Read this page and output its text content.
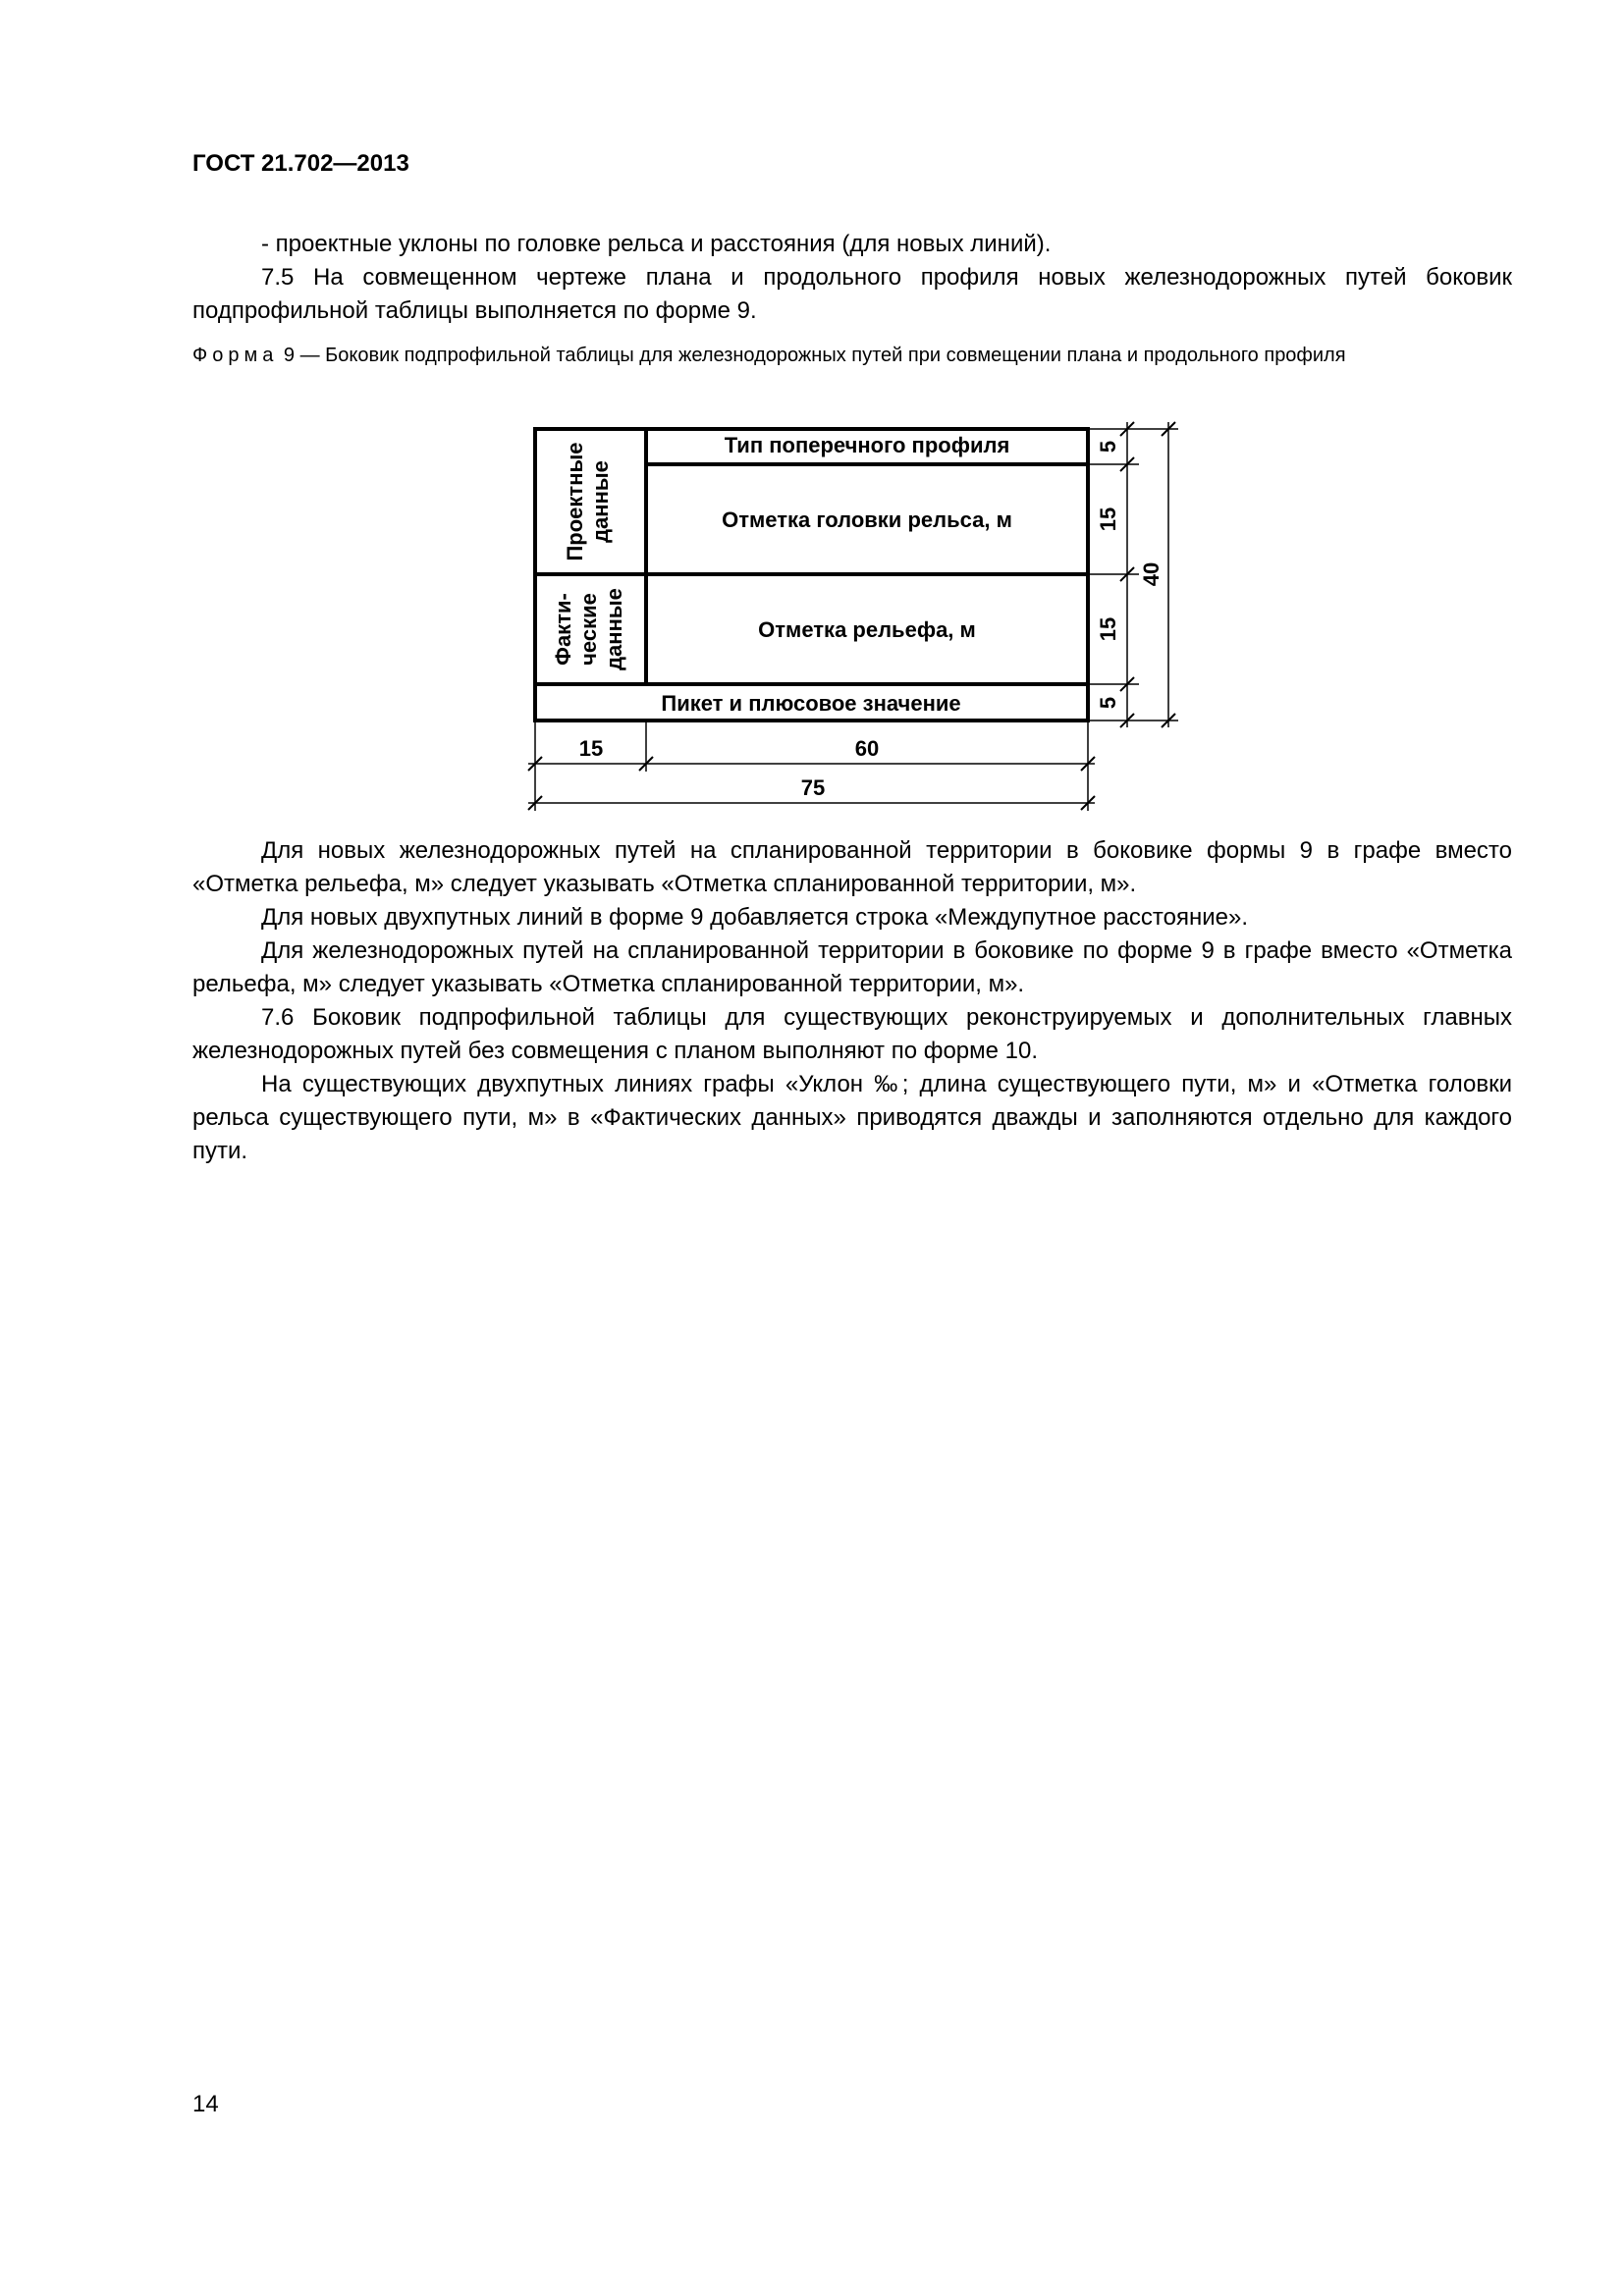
ГОСТ 21.702—2013

- проектные уклоны по головке рельса и расстояния (для новых линий).

7.5 На совмещенном чертеже плана и продольного профиля новых железнодорожных путей боковик подпрофильной таблицы выполняется по форме 9.

Форма 9 — Боковик подпрофильной таблицы для железнодорожных путей при совмещении плана и продольного профиля
Тип поперечного профиля
Отметка головки рельса, м
Отметка рельефа, м
Пикет и плюсовое значение
Проектные данные
Факти- ческие данные
5
15
15
5
40
15	60
75

Для новых железнодорожных путей на спланированной территории в боковике формы 9 в графе вместо «Отметка рельефа, м» следует указывать «Отметка спланированной территории, м».

Для новых двухпутных линий в форме 9 добавляется строка «Междупутное расстояние».

Для железнодорожных путей на спланированной территории в боковике по форме 9 в графе вместо «Отметка рельефа, м» следует указывать «Отметка спланированной территории, м».

7.6 Боковик подпрофильной таблицы для существующих реконструируемых и дополнительных главных железнодорожных путей без совмещения с планом выполняют по форме 10.

На существующих двухпутных линиях графы «Уклон ‰; длина существующего пути, м» и «Отметка головки рельса существующего пути, м» в «Фактических данных» приводятся дважды и заполняются отдельно для каждого пути.

14
